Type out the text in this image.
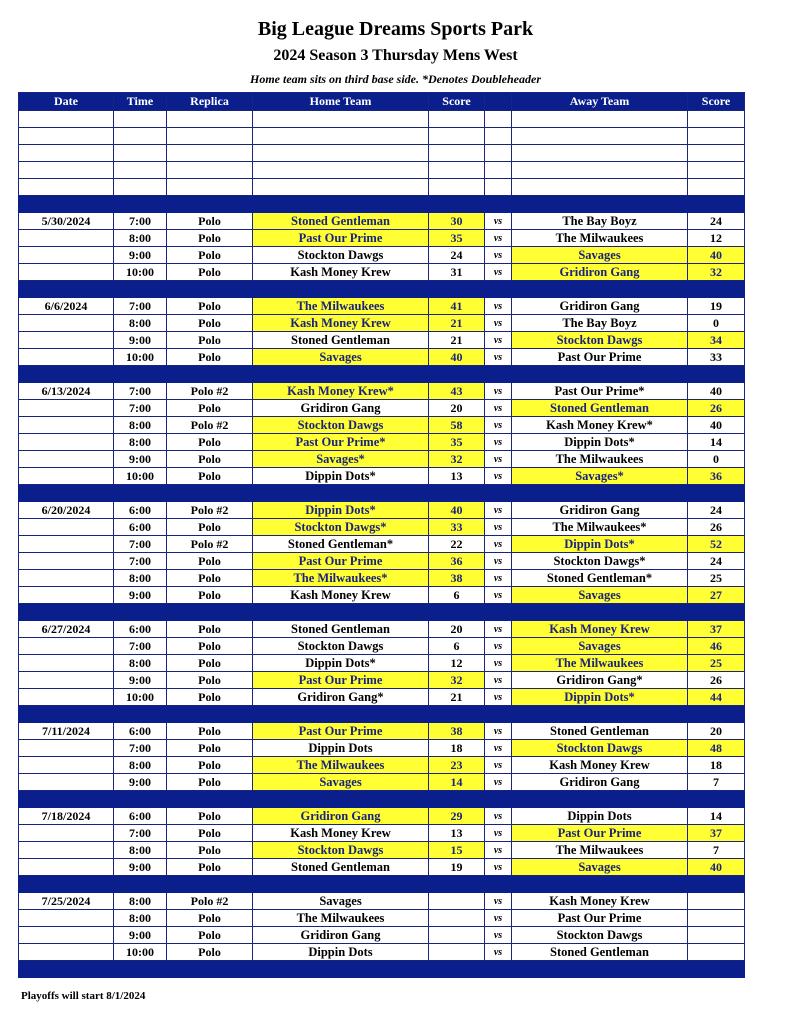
Big League Dreams Sports Park
2024 Season 3 Thursday Mens West
Home team sits on third base side. *Denotes Doubleheader
Date	Time	Replica	Home Team	Score		Away Team	Score

5/30/2024	7:00	Polo	Stoned Gentleman	30	vs	The Bay Boyz	24
	8:00	Polo	Past Our Prime	35	vs	The Milwaukees	12
	9:00	Polo	Stockton Dawgs	24	vs	Savages	40
	10:00	Polo	Kash Money Krew	31	vs	Gridiron Gang	32

6/6/2024	7:00	Polo	The Milwaukees	41	vs	Gridiron Gang	19
	8:00	Polo	Kash Money Krew	21	vs	The Bay Boyz	0
	9:00	Polo	Stoned Gentleman	21	vs	Stockton Dawgs	34
	10:00	Polo	Savages	40	vs	Past Our Prime	33

6/13/2024	7:00	Polo #2	Kash Money Krew*	43	vs	Past Our Prime*	40
	7:00	Polo	Gridiron Gang	20	vs	Stoned Gentleman	26
	8:00	Polo #2	Stockton Dawgs	58	vs	Kash Money Krew*	40
	8:00	Polo	Past Our Prime*	35	vs	Dippin Dots*	14
	9:00	Polo	Savages*	32	vs	The Milwaukees	0
	10:00	Polo	Dippin Dots*	13	vs	Savages*	36

6/20/2024	6:00	Polo #2	Dippin Dots*	40	vs	Gridiron Gang	24
	6:00	Polo	Stockton Dawgs*	33	vs	The Milwaukees*	26
	7:00	Polo #2	Stoned Gentleman*	22	vs	Dippin Dots*	52
	7:00	Polo	Past Our Prime	36	vs	Stockton Dawgs*	24
	8:00	Polo	The Milwaukees*	38	vs	Stoned Gentleman*	25
	9:00	Polo	Kash Money Krew	6	vs	Savages	27

6/27/2024	6:00	Polo	Stoned Gentleman	20	vs	Kash Money Krew	37
	7:00	Polo	Stockton Dawgs	6	vs	Savages	46
	8:00	Polo	Dippin Dots*	12	vs	The Milwaukees	25
	9:00	Polo	Past Our Prime	32	vs	Gridiron Gang*	26
	10:00	Polo	Gridiron Gang*	21	vs	Dippin Dots*	44

7/11/2024	6:00	Polo	Past Our Prime	38	vs	Stoned Gentleman	20
	7:00	Polo	Dippin Dots	18	vs	Stockton Dawgs	48
	8:00	Polo	The Milwaukees	23	vs	Kash Money Krew	18
	9:00	Polo	Savages	14	vs	Gridiron Gang	7

7/18/2024	6:00	Polo	Gridiron Gang	29	vs	Dippin Dots	14
	7:00	Polo	Kash Money Krew	13	vs	Past Our Prime	37
	8:00	Polo	Stockton Dawgs	15	vs	The Milwaukees	7
	9:00	Polo	Stoned Gentleman	19	vs	Savages	40

7/25/2024	8:00	Polo #2	Savages		vs	Kash Money Krew	
	8:00	Polo	The Milwaukees		vs	Past Our Prime	
	9:00	Polo	Gridiron Gang		vs	Stockton Dawgs	
	10:00	Polo	Dippin Dots		vs	Stoned Gentleman	

Playoffs will start 8/1/2024
